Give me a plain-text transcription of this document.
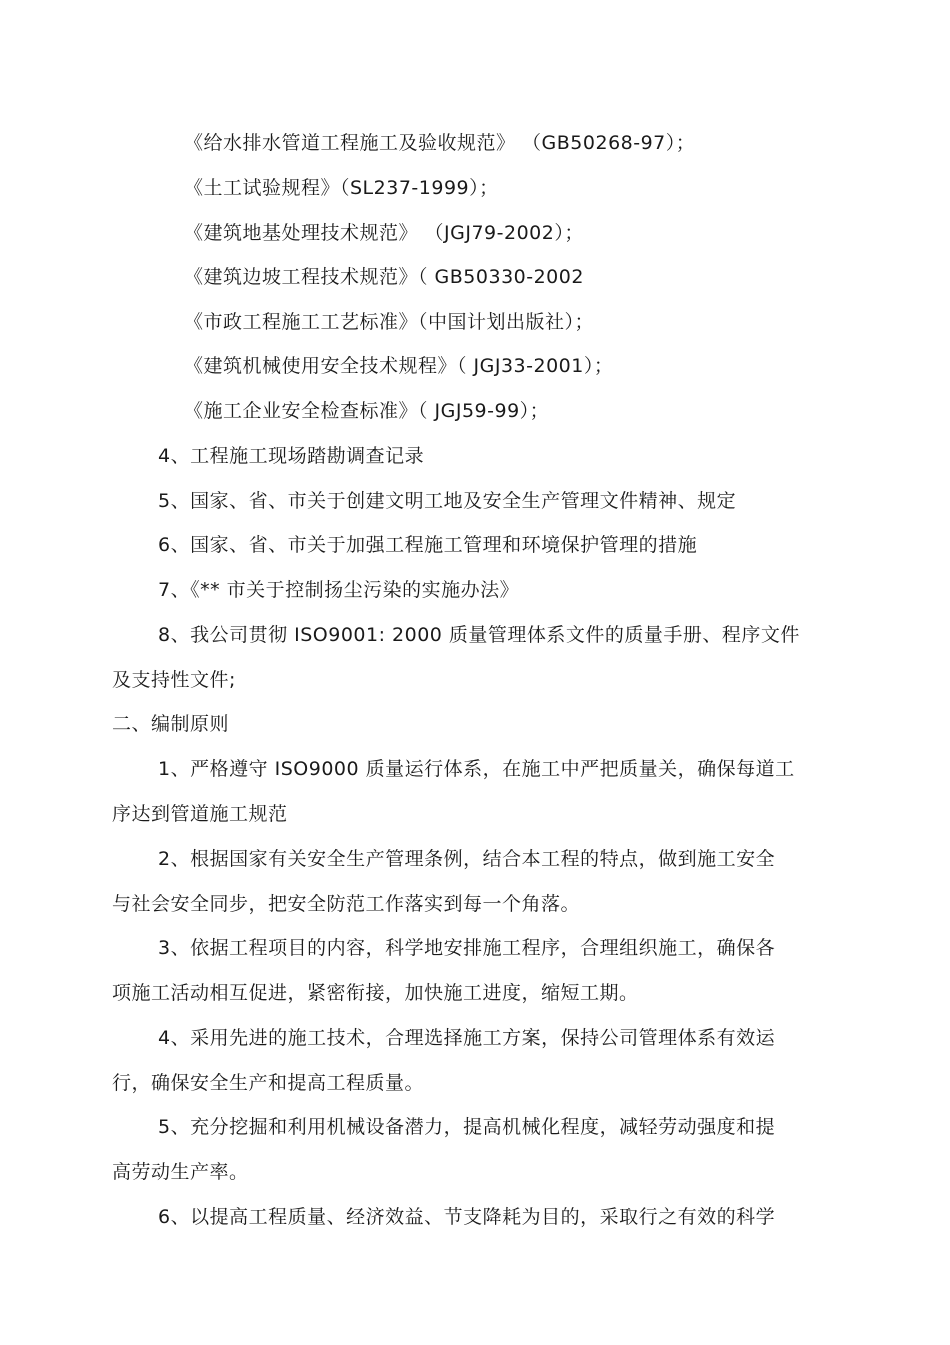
《给水排水管道工程施工及验收规范》 （GB50268-97）；
《土工试验规程》（SL237-1999）；
《建筑地基处理技术规范》 （JGJ79-2002）；
《建筑边坡工程技术规范》（ GB50330-2002
《市政工程施工工艺标准》（中国计划出版社）；
《建筑机械使用安全技术规程》（ JGJ33-2001）；
《施工企业安全检查标准》（ JGJ59-99）；
4、工程施工现场踏勘调查记录
5、国家、省、市关于创建文明工地及安全生产管理文件精神、规定
6、国家、省、市关于加强工程施工管理和环境保护管理的措施
7、《** 市关于控制扬尘污染的实施办法》
8、我公司贯彻 ISO9001: 2000 质量管理体系文件的质量手册、程序文件
及支持性文件;
二、编制原则
1、严格遵守 ISO9000 质量运行体系，在施工中严把质量关，确保每道工
序达到管道施工规范
2、根据国家有关安全生产管理条例，结合本工程的特点，做到施工安全
与社会安全同步，把安全防范工作落实到每一个角落。
3、依据工程项目的内容，科学地安排施工程序，合理组织施工，确保各
项施工活动相互促进，紧密衔接，加快施工进度，缩短工期。
4、采用先进的施工技术，合理选择施工方案，保持公司管理体系有效运
行，确保安全生产和提高工程质量。
5、充分挖掘和利用机械设备潜力，提高机械化程度，减轻劳动强度和提
高劳动生产率。
6、以提高工程质量、经济效益、节支降耗为目的，采取行之有效的科学
